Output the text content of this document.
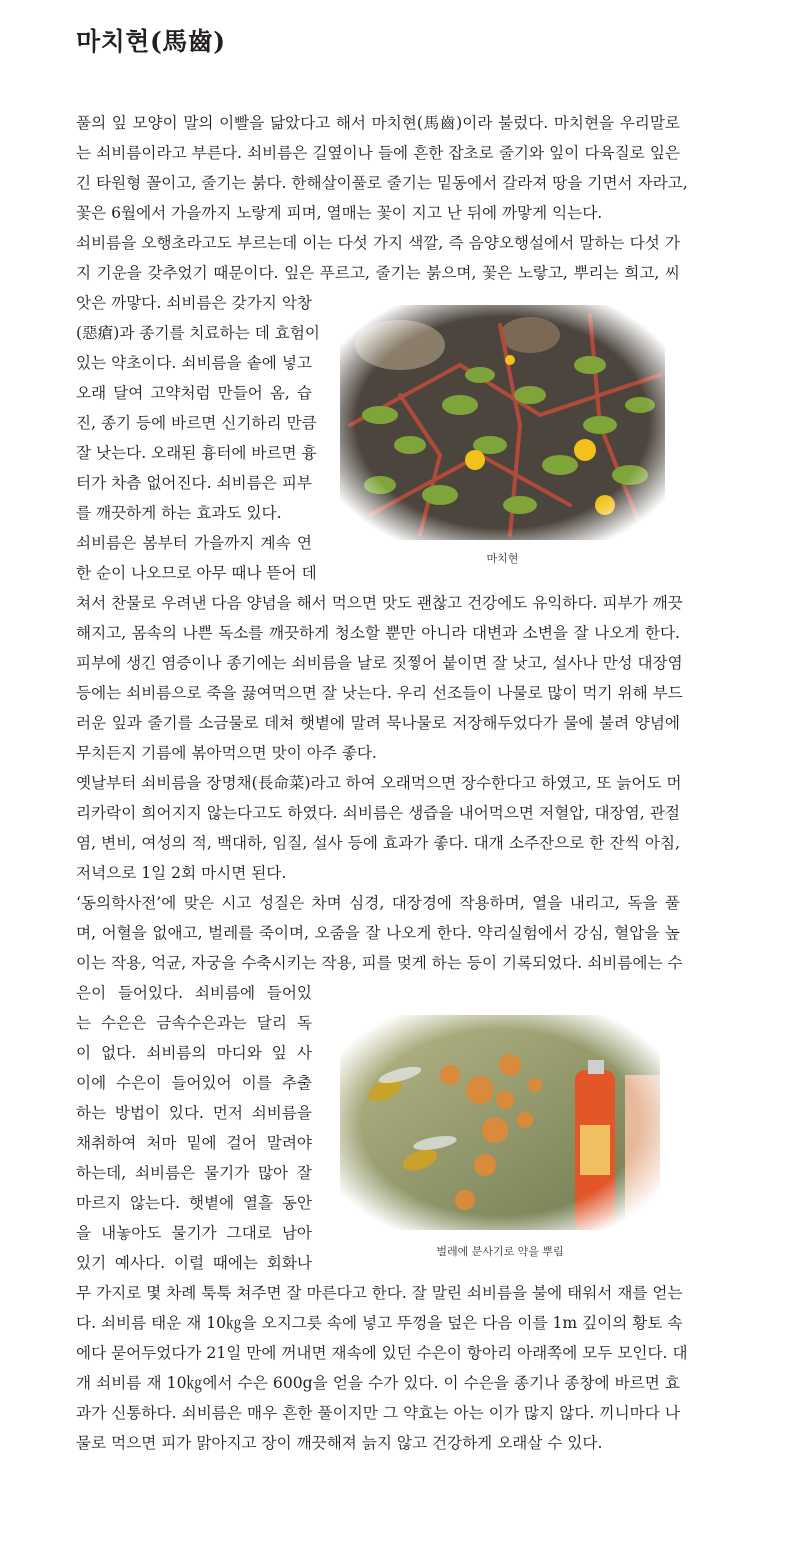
마치현(馬齒)
풀의 잎 모양이 말의 이빨을 닮았다고 해서 마치현(馬齒)이라 불렀다. 마치현을 우리말로
는 쇠비름이라고 부른다. 쇠비름은 길옆이나 들에 흔한 잡초로 줄기와 잎이 다육질로 잎은
긴 타원형 꼴이고, 줄기는 붉다. 한해살이풀로 줄기는 밑동에서 갈라져 땅을 기면서 자라고,
꽃은 6월에서 가을까지 노랗게 피며, 열매는 꽃이 지고 난 뒤에 까맣게 익는다.
쇠비름을 오행초라고도 부르는데 이는 다섯 가지 색깔, 즉 음양오행설에서 말하는 다섯 가
지 기운을 갖추었기 때문이다. 잎은 푸르고, 줄기는 붉으며, 꽃은 노랗고, 뿌리는 희고, 씨
앗은 까맣다. 쇠비름은 갖가지 악창
(惡瘡)과 종기를 치료하는 데 효험이
있는 약초이다. 쇠비름을 솥에 넣고
오래 달여 고약처럼 만들어 옴, 습
진, 종기 등에 바르면 신기하리 만큼
잘 낫는다. 오래된 흉터에 바르면 흉
터가 차츰 없어진다. 쇠비름은 피부
를 깨끗하게 하는 효과도 있다.
쇠비름은 봄부터 가을까지 계속 연
한 순이 나오므로 아무 때나 뜯어 데
쳐서 찬물로 우려낸 다음 양념을 해서 먹으면 맛도 괜찮고 건강에도 유익하다. 피부가 깨끗
해지고, 몸속의 나쁜 독소를 깨끗하게 청소할 뿐만 아니라 대변과 소변을 잘 나오게 한다.
피부에 생긴 염증이나 종기에는 쇠비름을 날로 짓찧어 붙이면 잘 낫고, 설사나 만성 대장염
등에는 쇠비름으로 죽을 끓여먹으면 잘 낫는다. 우리 선조들이 나물로 많이 먹기 위해 부드
러운 잎과 줄기를 소금물로 데쳐 햇볕에 말려 묵나물로 저장해두었다가 물에 불려 양념에
무치든지 기름에 볶아먹으면 맛이 아주 좋다.
옛날부터 쇠비름을 장명채(長命菜)라고 하여 오래먹으면 장수한다고 하였고, 또 늙어도 머
리카락이 희어지지 않는다고도 하였다. 쇠비름은 생즙을 내어먹으면 저혈압, 대장염, 관절
염, 변비, 여성의 적, 백대하, 임질, 설사 등에 효과가 좋다. 대개 소주잔으로 한 잔씩 아침,
저녁으로 1일 2회 마시면 된다.
‘동의학사전’에 맞은 시고 성질은 차며 심경, 대장경에 작용하며, 열을 내리고, 독을 풀
며, 어혈을 없애고, 벌레를 죽이며, 오줌을 잘 나오게 한다. 약리실험에서 강심, 혈압을 높
이는 작용, 억균, 자궁을 수축시키는 작용, 피를 멎게 하는 등이 기록되었다. 쇠비름에는 수
은이 들어있다. 쇠비름에 들어있
는 수은은 금속수은과는 달리 독
이 없다. 쇠비름의 마디와 잎 사
이에 수은이 들어있어 이를 추출
하는 방법이 있다. 먼저 쇠비름을
채취하여 처마 밑에 걸어 말려야
하는데, 쇠비름은 물기가 많아 잘
마르지 않는다. 햇볕에 열흘 동안
을 내놓아도 물기가 그대로 남아
있기 예사다. 이럴 때에는 회화나
무 가지로 몇 차례 툭툭 쳐주면 잘 마른다고 한다. 잘 말린 쇠비름을 불에 태워서 재를 얻는
다. 쇠비름 태운 재 10㎏을 오지그릇 속에 넣고 뚜껑을 덮은 다음 이를 1m 깊이의 황토 속
에다 묻어두었다가 21일 만에 꺼내면 재속에 있던 수은이 항아리 아래쪽에 모두 모인다. 대
개 쇠비름 재 10㎏에서 수은 600g을 얻을 수가 있다. 이 수은을 종기나 종창에 바르면 효
과가 신통하다. 쇠비름은 매우 흔한 풀이지만 그 약효는 아는 이가 많지 않다. 끼니마다 나
물로 먹으면 피가 맑아지고 장이 깨끗해져 늙지 않고 건강하게 오래살 수 있다.
마치현
벌레에 분사기로 약을 뿌림
